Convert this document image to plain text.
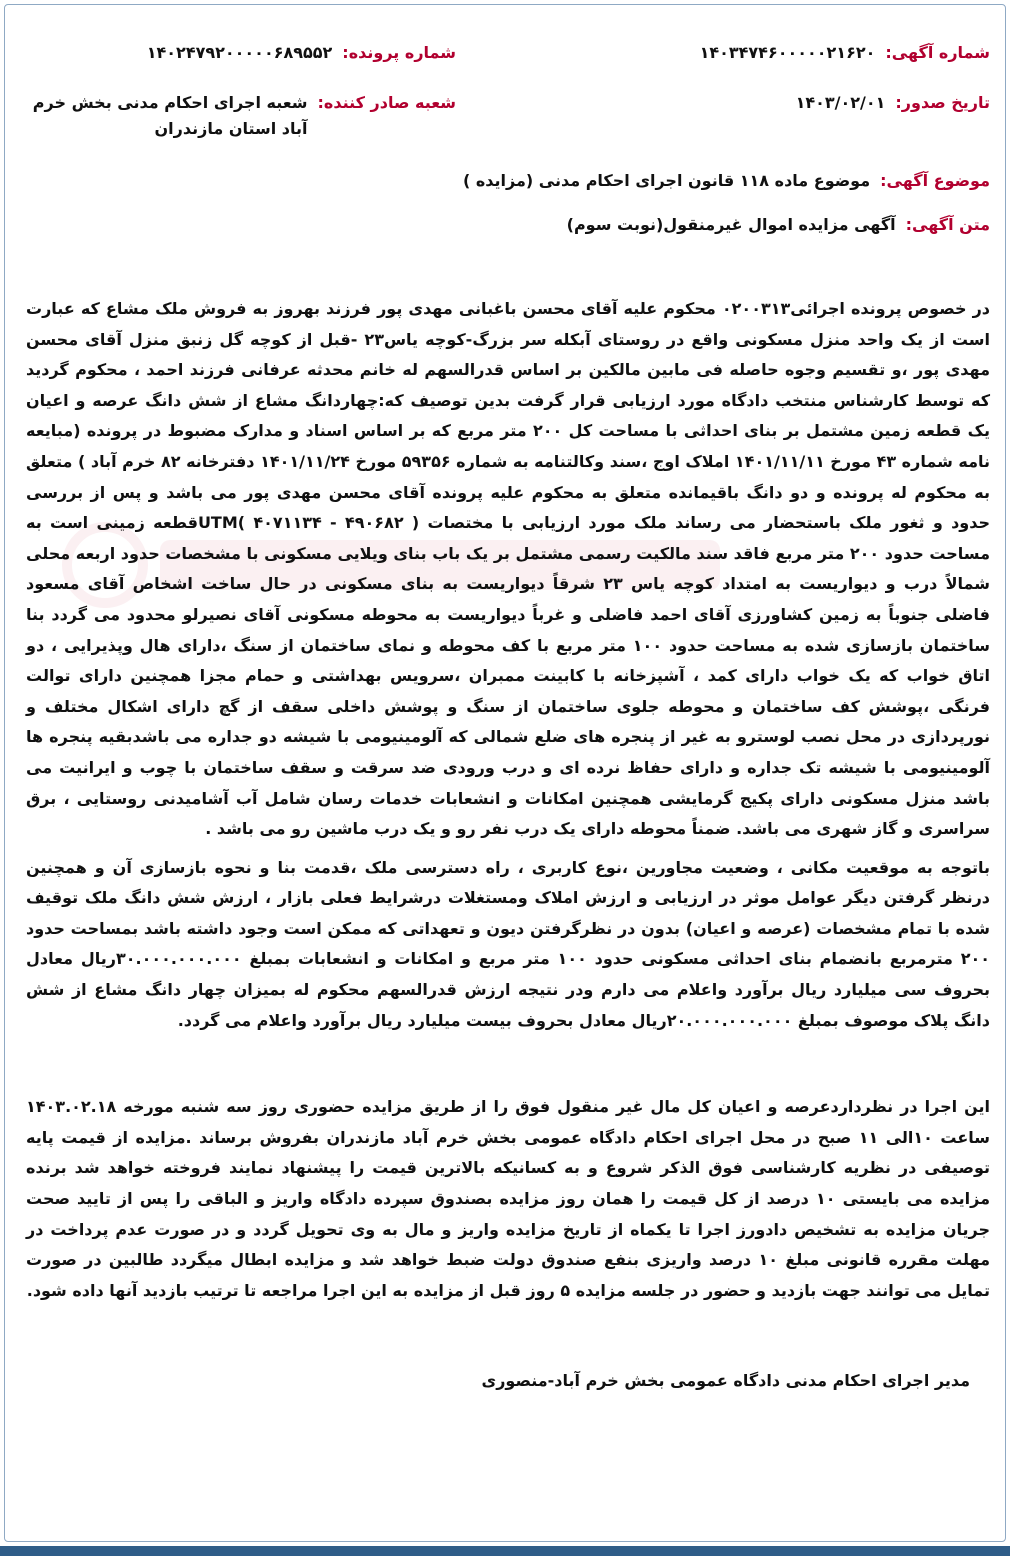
شماره آگهی:
۱۴۰۳۴۷۴۶۰۰۰۰۰۲۱۶۲۰
شماره پرونده:
۱۴۰۲۴۷۹۲۰۰۰۰۰۶۸۹۵۵۲
تاریخ صدور:
۱۴۰۳/۰۲/۰۱
شعبه صادر کننده:
شعبه اجرای احکام مدنی بخش خرم آباد استان مازندران
موضوع آگهی:
موضوع ماده ۱۱۸ قانون اجرای احکام مدنی (مزایده )
متن آگهی:
آگهی مزایده اموال غیرمنقول(نوبت سوم)

در خصوص پرونده اجرائی۰۲۰۰۳۱۳ محکوم علیه آقای محسن باغبانی مهدی پور فرزند بهروز به فروش ملک مشاع که عبارت است از یک واحد منزل مسکونی واقع در روستای آبکله سر بزرگ-کوچه یاس۲۳ -قبل از کوچه گل زنبق منزل آقای محسن مهدی پور ،و تقسیم وجوه حاصله فی مابین مالکین بر اساس قدرالسهم له خانم محدثه عرفانی فرزند احمد ، محکوم گردید که توسط کارشناس منتخب دادگاه مورد ارزیابی قرار گرفت بدین توصیف که:چهاردانگ مشاع از شش دانگ عرصه و اعیان یک قطعه زمین مشتمل بر بنای احداثی با مساحت کل ۲۰۰ متر مربع که بر اساس اسناد و مدارک مضبوط در پرونده (مبایعه نامه شماره ۴۳ مورخ ۱۴۰۱/۱۱/۱۱ املاک اوج ،سند وکالتنامه به شماره ۵۹۳۵۶ مورخ ۱۴۰۱/۱۱/۲۴ دفترخانه ۸۲ خرم آباد ) متعلق به محکوم له پرونده و دو دانگ باقیمانده متعلق به محکوم علیه پرونده آقای محسن مهدی پور می باشد و پس از بررسی حدود و ثغور ملک باستحضار می رساند ملک مورد ارزیابی با مختصات ( ۴۹۰۶۸۲ - ۴۰۷۱۱۳۴ )UTMقطعه زمینی است به مساحت حدود ۲۰۰ متر مربع فاقد سند مالکیت رسمی مشتمل بر یک باب بنای ویلایی مسکونی با مشخصات حدود اربعه محلی شمالاً درب و دیواریست به امتداد کوچه یاس ۲۳ شرقاً دیواریست به بنای مسکونی در حال ساخت اشخاص آقای مسعود فاضلی جنوباً به زمین کشاورزی آقای احمد فاضلی و غرباً دیواریست به محوطه مسکونی آقای نصیرلو محدود می گردد بنا ساختمان بازسازی شده به مساحت حدود ۱۰۰ متر مربع با کف محوطه و نمای ساختمان از سنگ ،دارای هال وپذیرایی ، دو اتاق خواب که یک خواب دارای کمد ، آشپزخانه با کابینت ممبران ،سرویس بهداشتی و حمام مجزا همچنین دارای توالت فرنگی ،پوشش کف ساختمان و محوطه جلوی ساختمان از سنگ و پوشش داخلی سقف از گچ دارای اشکال مختلف و نورپردازی در محل نصب لوسترو به غیر از پنجره های ضلع شمالی که آلومینیومی با شیشه دو جداره می باشدبقیه پنجره ها آلومینیومی با شیشه تک جداره و دارای حفاظ نرده ای و درب ورودی ضد سرقت و سقف ساختمان با چوب و ایرانیت می باشد منزل مسکونی دارای پکیج گرمایشی همچنین امکانات و انشعابات خدمات رسان شامل آب آشامیدنی روستایی ، برق سراسری و گاز شهری می باشد. ضمناً محوطه دارای یک درب نفر رو و یک درب ماشین رو می باشد .

باتوجه به موقعیت مکانی ، وضعیت مجاورین ،نوع کاربری ، راه دسترسی ملک ،قدمت بنا و نحوه بازسازی آن و همچنین درنظر گرفتن دیگر عوامل موثر در ارزیابی و ارزش املاک ومستغلات درشرایط فعلی بازار ، ارزش شش دانگ ملک توقیف شده با تمام مشخصات (عرصه و اعیان) بدون در نظرگرفتن دیون و تعهداتی که ممکن است وجود داشته باشد بمساحت حدود ۲۰۰ مترمربع بانضمام بنای احداثی مسکونی حدود ۱۰۰ متر مربع و امکانات و انشعابات بمبلغ ۳۰.۰۰۰.۰۰۰.۰۰۰ریال معادل بحروف سی میلیارد ریال برآورد واعلام می دارم ودر نتیجه ارزش قدرالسهم محکوم له بمیزان چهار دانگ مشاع از شش دانگ پلاک موصوف بمبلغ ۲۰.۰۰۰.۰۰۰.۰۰۰ریال معادل بحروف بیست میلیارد ریال برآورد واعلام می گردد.

این اجرا در نظرداردعرصه و اعیان کل مال غیر منقول فوق را از طریق مزایده حضوری روز سه شنبه مورخه ۱۴۰۳.۰۲.۱۸ ساعت ۱۰الی ۱۱ صبح در محل اجرای احکام دادگاه عمومی بخش خرم آباد مازندران بفروش برساند .مزایده از قیمت پایه توصیفی در نظریه کارشناسی فوق الذکر شروع و به کسانیکه بالاترین قیمت را پیشنهاد نمایند فروخته خواهد شد برنده مزایده می بایستی ۱۰ درصد از کل قیمت را همان روز مزایده بصندوق سپرده دادگاه واریز و الباقی را پس از تایید صحت جریان مزایده به تشخیص دادورز اجرا تا یکماه از تاریخ مزایده واریز و مال به وی تحویل گردد و در صورت عدم پرداخت در مهلت مقرره قانونی مبلغ ۱۰ درصد واریزی بنفع صندوق دولت ضبط خواهد شد و مزایده ابطال میگردد طالبین در صورت تمایل می توانند جهت بازدید و حضور در جلسه مزایده ۵ روز قبل از مزایده به این اجرا مراجعه تا ترتیب بازدید آنها داده شود.

مدیر اجرای احکام مدنی دادگاه عمومی بخش خرم آباد-منصوری
